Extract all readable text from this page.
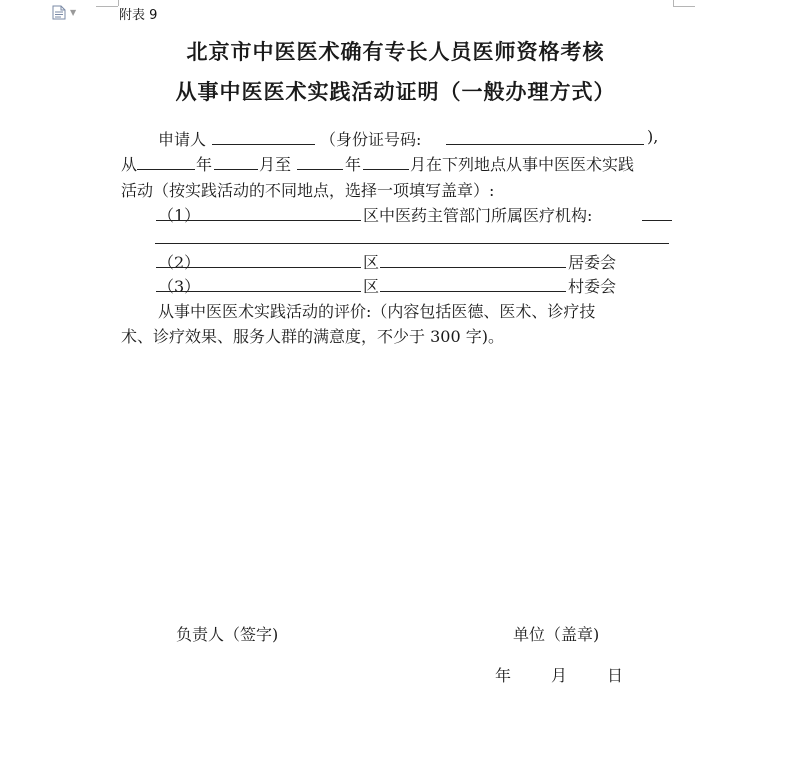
▼	附表 9
北京市中医医术确有专长人员医师资格考核
从事中医医术实践活动证明（一般办理方式）
申请人	（身份证号码:	),
从	年	月至	年	月在下列地点从事中医医术实践
活动（按实践活动的不同地点，选择一项填写盖章）:
（1）	区中医药主管部门所属医疗机构:
（2）	区	居委会
（3）	区	村委会
从事中医医术实践活动的评价:（内容包括医德、医术、诊疗技
术、诊疗效果、服务人群的满意度，不少于 300 字)。
负责人（签字)	单位（盖章)
年 月 日
